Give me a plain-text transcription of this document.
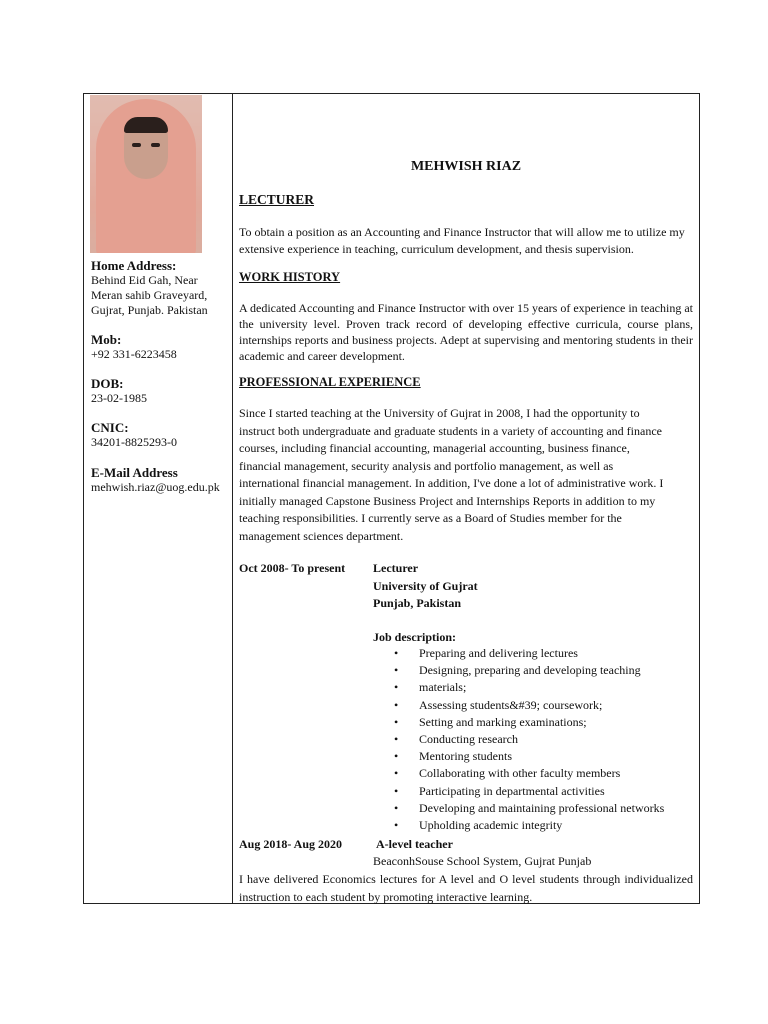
Home Address:
Behind Eid Gah, Near
Meran sahib Graveyard,
Gujrat, Punjab. Pakistan
Mob:
+92 331-6223458
DOB:
23-02-1985
CNIC:
34201-8825293-0
E-Mail Address
mehwish.riaz@uog.edu.pk
MEHWISH RIAZ
LECTURER
To obtain a position as an Accounting and Finance Instructor that will allow me to utilize my extensive experience in teaching, curriculum development, and thesis supervision.
WORK HISTORY
A dedicated Accounting and Finance Instructor with over 15 years of experience in teaching at the university level. Proven track record of developing effective curricula, course plans, internships reports and business projects. Adept at supervising and mentoring students in their academic and career development.
PROFESSIONAL EXPERIENCE
Since I started teaching at the University of Gujrat in 2008, I had the opportunity to
instruct both undergraduate and graduate students in a variety of accounting and finance
courses, including financial accounting, managerial accounting, business finance,
financial management, security analysis and portfolio management, as well as
international financial management. In addition, I've done a lot of administrative work. I
initially managed Capstone Business Project and Internships Reports in addition to my
teaching responsibilities. I currently serve as a Board of Studies member for the
management sciences department.
Oct 2008- To present	Lecturer
University of Gujrat
Punjab, Pakistan
Job description:
• Preparing and delivering lectures
• Designing, preparing and developing teaching
• materials;
• Assessing students&#39; coursework;
• Setting and marking examinations;
• Conducting research
• Mentoring students
• Collaborating with other faculty members
• Participating in departmental activities
• Developing and maintaining professional networks
• Upholding academic integrity
Aug 2018- Aug 2020	A-level teacher
BeaconhSouse School System, Gujrat Punjab
I have delivered Economics lectures for A level and O level students through individualized instruction to each student by promoting interactive learning.
